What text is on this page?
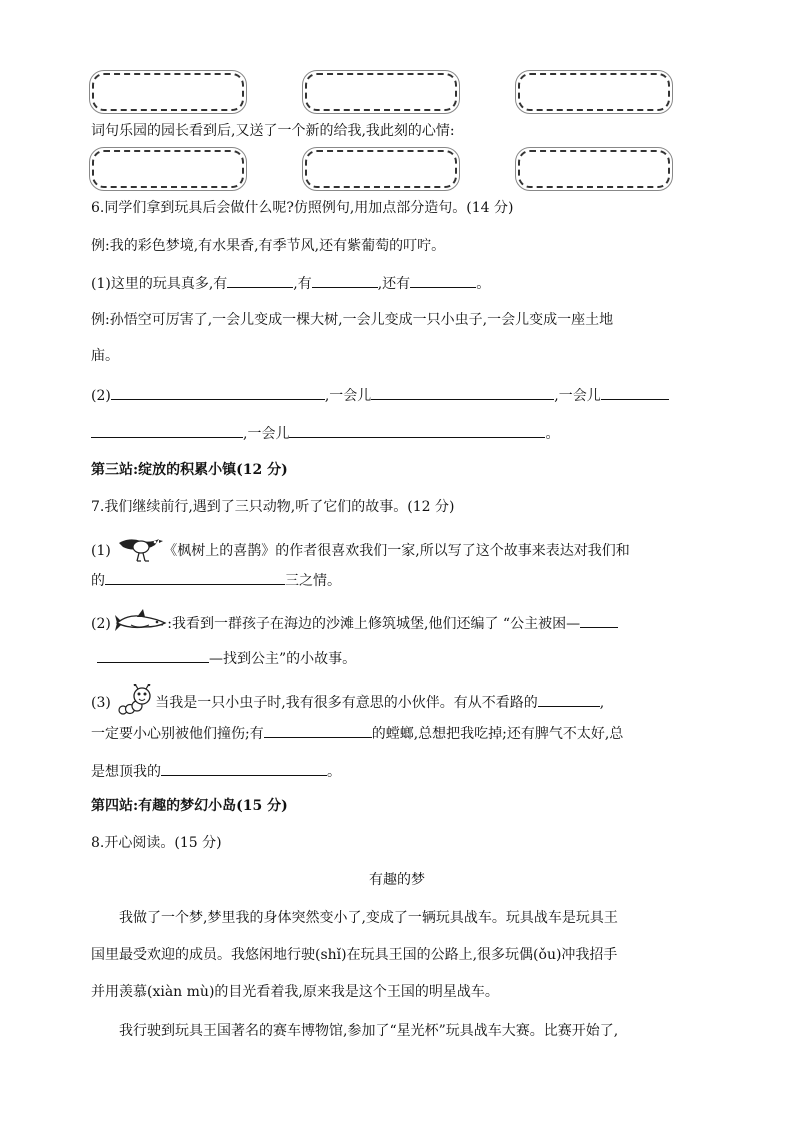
词句乐园的园长看到后,又送了一个新的给我,我此刻的心情:
6.同学们拿到玩具后会做什么呢?仿照例句,用加点部分造句。(14 分)
例:我的彩色梦境,有水果香,有季节风,还有紫葡萄的叮咛。
(1)这里的玩具真多,有	,有	,还有	。
例:孙悟空可厉害了,一会儿变成一棵大树,一会儿变成一只小虫子,一会儿变成一座土地
庙。
(2)	,一会儿	,一会儿
,一会儿	。
第三站:绽放的积累小镇(12 分)
7.我们继续前行,遇到了三只动物,听了它们的故事。(12 分)
(1)	《枫树上的喜鹊》的作者很喜欢我们一家,所以写了这个故事来表达对我们和
的	三之情。
(2)	:我看到一群孩子在海边的沙滩上修筑城堡,他们还编了 “公主被困—
—找到公主”的小故事。
(3)	当我是一只小虫子时,我有很多有意思的小伙伴。有从不看路的	,
一定要小心别被他们撞伤;有	的螳螂,总想把我吃掉;还有脾气不太好,总
是想顶我的	。
第四站:有趣的梦幻小岛(15 分)
8.开心阅读。(15 分)
有趣的梦
我做了一个梦,梦里我的身体突然变小了,变成了一辆玩具战车。玩具战车是玩具王
国里最受欢迎的成员。我悠闲地行驶(shǐ)在玩具王国的公路上,很多玩偶(ǒu)冲我招手
并用羡慕(xiàn mù)的目光看着我,原来我是这个王国的明星战车。
我行驶到玩具王国著名的赛车博物馆,参加了“星光杯”玩具战车大赛。比赛开始了,
